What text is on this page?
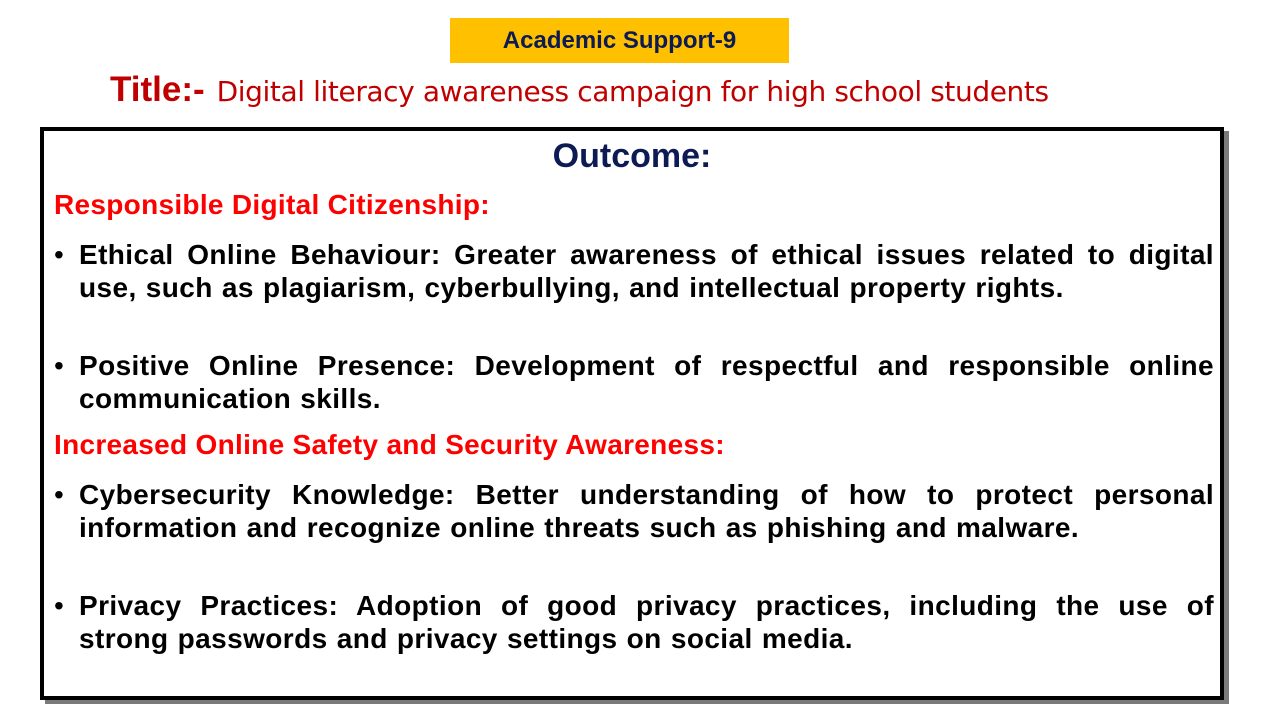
Academic Support-9
Title:- Digital literacy awareness campaign for high school students
Outcome:
Responsible Digital Citizenship:
• Ethical Online Behaviour: Greater awareness of ethical issues related to digital use, such as plagiarism, cyberbullying, and intellectual property rights.
• Positive Online Presence: Development of respectful and responsible online communication skills.
Increased Online Safety and Security Awareness:
• Cybersecurity Knowledge: Better understanding of how to protect personal information and recognize online threats such as phishing and malware.
• Privacy Practices: Adoption of good privacy practices, including the use of strong passwords and privacy settings on social media.
